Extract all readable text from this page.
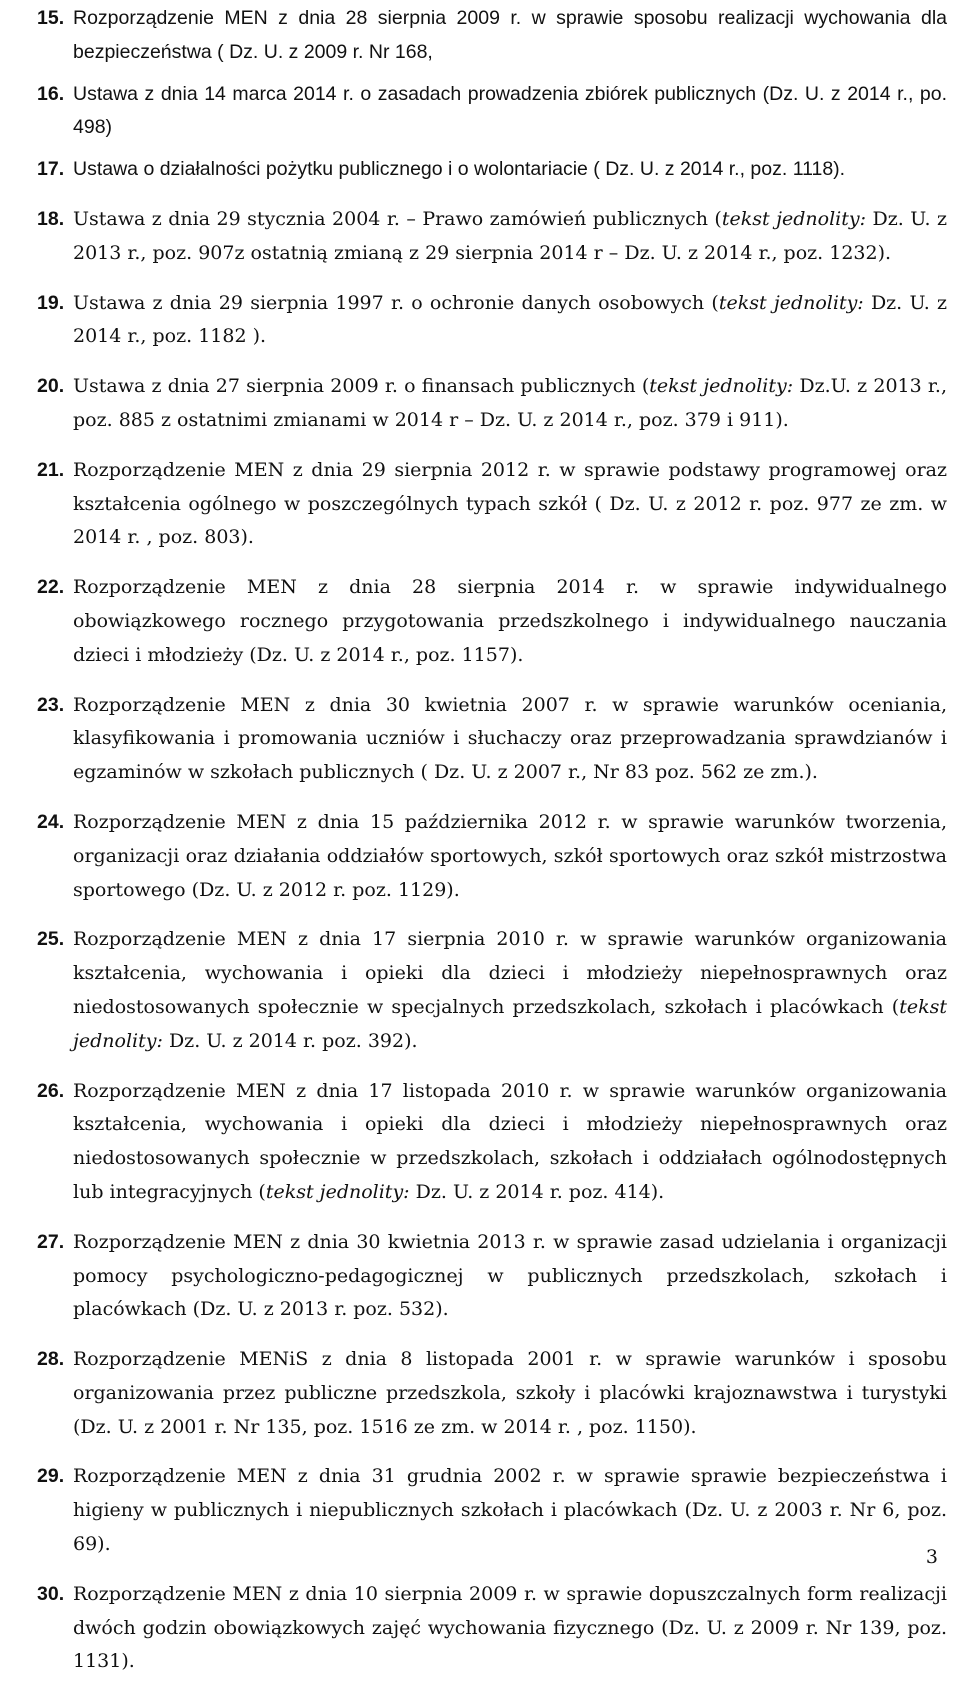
15. Rozporządzenie MEN z dnia 28 sierpnia 2009 r. w sprawie sposobu realizacji wychowania dla bezpieczeństwa ( Dz. U. z 2009 r. Nr 168,
16. Ustawa z dnia 14 marca 2014 r. o zasadach prowadzenia zbiórek publicznych (Dz. U. z 2014 r., po. 498)
17. Ustawa o działalności pożytku publicznego i o wolontariacie ( Dz. U. z 2014 r., poz. 1118).
18. Ustawa z dnia 29 stycznia 2004 r. – Prawo zamówień publicznych (tekst jednolity: Dz. U. z 2013 r., poz. 907z ostatnią zmianą z 29 sierpnia 2014 r – Dz. U. z 2014 r., poz. 1232).
19. Ustawa z dnia 29 sierpnia 1997 r. o ochronie danych osobowych (tekst jednolity: Dz. U. z 2014 r., poz. 1182 ).
20. Ustawa z dnia 27 sierpnia 2009 r. o finansach publicznych (tekst jednolity: Dz.U. z 2013 r., poz. 885 z ostatnimi zmianami w 2014 r – Dz. U. z 2014 r., poz. 379 i 911).
21. Rozporządzenie MEN z dnia 29 sierpnia 2012 r. w sprawie podstawy programowej oraz kształcenia ogólnego w poszczególnych typach szkół ( Dz. U. z 2012 r. poz. 977 ze zm. w 2014 r. , poz. 803).
22. Rozporządzenie MEN z dnia 28 sierpnia 2014 r. w sprawie indywidualnego obowiązkowego rocznego przygotowania przedszkolnego i indywidualnego nauczania dzieci i młodzieży (Dz. U. z 2014 r., poz. 1157).
23. Rozporządzenie MEN z dnia 30 kwietnia 2007 r. w sprawie warunków oceniania, klasyfikowania i promowania uczniów i słuchaczy oraz przeprowadzania sprawdzianów i egzaminów w szkołach publicznych ( Dz. U. z 2007 r., Nr 83 poz. 562 ze zm.).
24. Rozporządzenie MEN z dnia 15 października 2012 r. w sprawie warunków tworzenia, organizacji oraz działania oddziałów sportowych, szkół sportowych oraz szkół mistrzostwa sportowego (Dz. U. z 2012 r. poz. 1129).
25. Rozporządzenie MEN z dnia 17 sierpnia 2010 r. w sprawie warunków organizowania kształcenia, wychowania i opieki dla dzieci i młodzieży niepełnosprawnych oraz niedostosowanych społecznie w specjalnych przedszkolach, szkołach i placówkach (tekst jednolity: Dz. U. z 2014 r. poz. 392).
26. Rozporządzenie MEN z dnia 17 listopada 2010 r. w sprawie warunków organizowania kształcenia, wychowania i opieki dla dzieci i młodzieży niepełnosprawnych oraz niedostosowanych społecznie w przedszkolach, szkołach i oddziałach ogólnodostępnych lub integracyjnych (tekst jednolity: Dz. U. z 2014 r. poz. 414).
27. Rozporządzenie MEN z dnia 30 kwietnia 2013 r. w sprawie zasad udzielania i organizacji pomocy psychologiczno-pedagogicznej w publicznych przedszkolach, szkołach i placówkach (Dz. U. z 2013 r. poz. 532).
28. Rozporządzenie MENiS z dnia 8 listopada 2001 r. w sprawie warunków i sposobu organizowania przez publiczne przedszkola, szkoły i placówki krajoznawstwa i turystyki (Dz. U. z 2001 r. Nr 135, poz. 1516 ze zm. w 2014 r. , poz. 1150).
29. Rozporządzenie MEN z dnia 31 grudnia 2002 r. w sprawie sprawie bezpieczeństwa i higieny w publicznych i niepublicznych szkołach i placówkach (Dz. U. z 2003 r. Nr 6, poz. 69).
30. Rozporządzenie MEN z dnia 10 sierpnia 2009 r. w sprawie dopuszczalnych form realizacji dwóch godzin obowiązkowych zajęć wychowania fizycznego (Dz. U. z 2009 r. Nr 139, poz. 1131).
3
